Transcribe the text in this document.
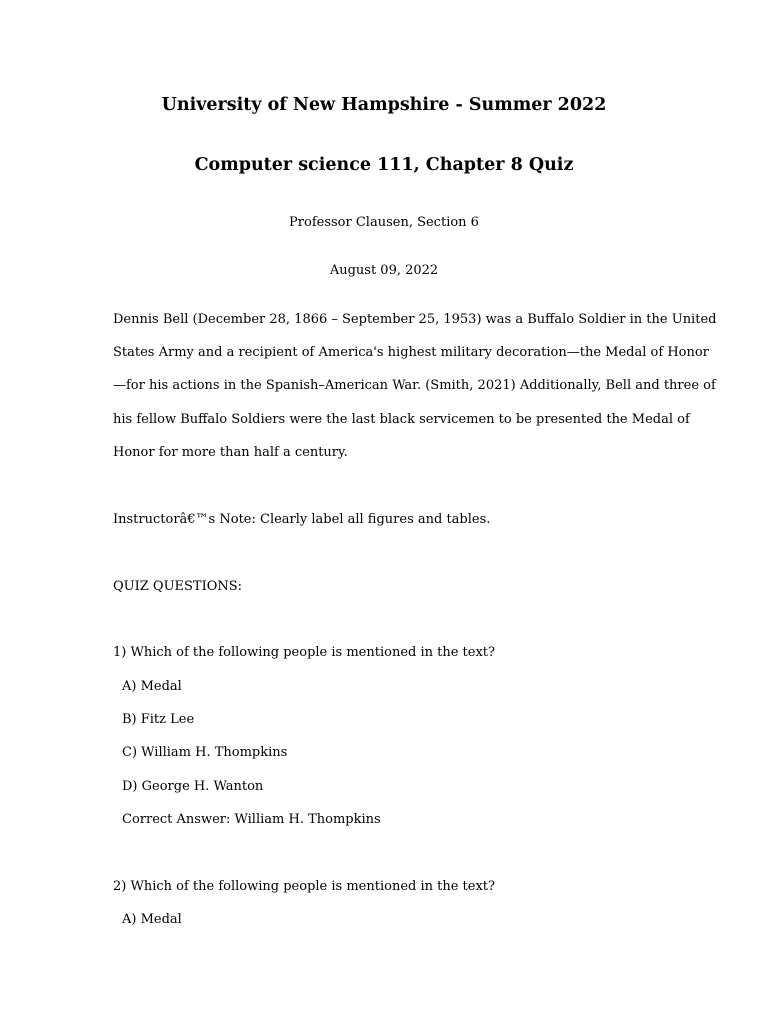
University of New Hampshire - Summer 2022
Computer science 111, Chapter 8 Quiz
Professor Clausen, Section 6
August 09, 2022
Dennis Bell (December 28, 1866 – September 25, 1953) was a Buffalo Soldier in the United
States Army and a recipient of America's highest military decoration—the Medal of Honor
—for his actions in the Spanish–American War. (Smith, 2021) Additionally, Bell and three of
his fellow Buffalo Soldiers were the last black servicemen to be presented the Medal of
Honor for more than half a century.
Instructorâ€™s Note: Clearly label all figures and tables.
QUIZ QUESTIONS:
1) Which of the following people is mentioned in the text?
A) Medal
B) Fitz Lee
C) William H. Thompkins
D) George H. Wanton
Correct Answer: William H. Thompkins
2) Which of the following people is mentioned in the text?
A) Medal
